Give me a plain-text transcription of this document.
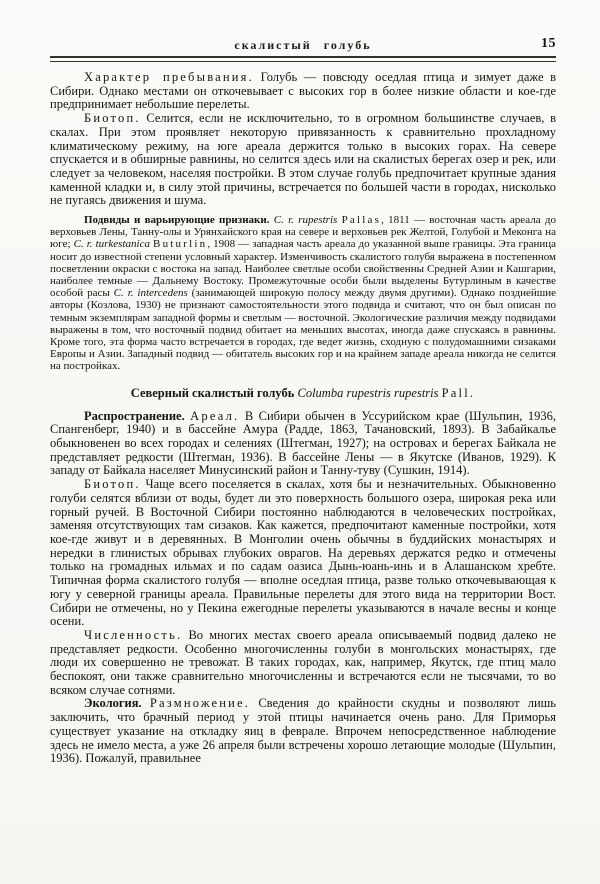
скалистый голубь	15

Характер пребывания. Голубь — повсюду оседлая птица и зимует даже в Сибири. Однако местами он откочевывает с высоких гор в более низкие области и кое-где предпринимает небольшие перелеты.

Биотоп. Селится, если не исключительно, то в огромном большинстве случаев, в скалах. При этом проявляет некоторую привязанность к сравнительно прохладному климатическому режиму, на юге ареала держится только в высоких горах. На севере спускается и в обширные равнины, но селится здесь или на скалистых берегах озер и рек, или следует за человеком, населяя постройки. В этом случае голубь предпочитает крупные здания каменной кладки и, в силу этой причины, встречается по большей части в городах, нисколько не пугаясь движения и шума.

Подвиды и варьирующие признаки. C. r. rupestris Pallas, 1811 — восточная часть ареала до верховьев Лены, Танну-олы и Урянхайского края на севере и верховьев рек Желтой, Голубой и Меконга на юге; C. r. turkestanica Buturlin, 1908 — западная часть ареала до указанной выше границы. Эта граница носит до известной степени условный характер. Изменчивость скалистого голубя выражена в постепенном посветлении окраски с востока на запад. Наиболее светлые особи свойственны Средней Азии и Кашгарии, наиболее темные — Дальнему Востоку. Промежуточные особи были выделены Бутурлиным в качестве особой расы C. r. intercedens (занимающей широкую полосу между двумя другими). Однако позднейшие авторы (Козлова, 1930) не признают самостоятельности этого подвида и считают, что он был описан по темным экземплярам западной формы и светлым — восточной. Экологические различия между подвидами выражены в том, что восточный подвид обитает на меньших высотах, иногда даже спускаясь в равнины. Кроме того, эта форма часто встречается в городах, где ведет жизнь, сходную с полудомашними сизаками Европы и Азии. Западный подвид — обитатель высоких гор и на крайнем западе ареала никогда не селится на постройках.

Северный скалистый голубь Columba rupestris rupestris Pall.

Распространение. Ареал. В Сибири обычен в Уссурийском крае (Шульпин, 1936, Спангенберг, 1940) и в бассейне Амура (Радде, 1863, Тачановский, 1893). В Забайкалье обыкновенен во всех городах и селениях (Штегман, 1927); на островах и берегах Байкала не представляет редкости (Штегман, 1936). В бассейне Лены — в Якутске (Иванов, 1929). К западу от Байкала населяет Минусинский район и Танну-туву (Сушкин, 1914).

Биотоп. Чаще всего поселяется в скалах, хотя бы и незначительных. Обыкновенно голуби селятся вблизи от воды, будет ли это поверхность большого озера, широкая река или горный ручей. В Восточной Сибири постоянно наблюдаются в человеческих постройках, заменяя отсутствующих там сизаков. Как кажется, предпочитают каменные постройки, хотя кое-где живут и в деревянных. В Монголии очень обычны в буддийских монастырях и нередки в глинистых обрывах глубоких оврагов. На деревьях держатся редко и отмечены только на громадных ильмах и по садам оазиса Дынь-юань-инь и в Алашанском хребте. Типичная форма скалистого голубя — вполне оседлая птица, разве только откочевывающая к югу у северной границы ареала. Правильные перелеты для этого вида на территории Вост. Сибири не отмечены, но у Пекина ежегодные перелеты указываются в начале весны и конце осени.

Численность. Во многих местах своего ареала описываемый подвид далеко не представляет редкости. Особенно многочисленны голуби в монгольских монастырях, где люди их совершенно не тревожат. В таких городах, как, например, Якутск, где птиц мало беспокоят, они также сравнительно многочисленны и встречаются если не тысячами, то во всяком случае сотнями.

Экология. Размножение. Сведения до крайности скудны и позволяют лишь заключить, что брачный период у этой птицы начинается очень рано. Для Приморья существует указание на откладку яиц в феврале. Впрочем непосредственное наблюдение здесь не имело места, а уже 26 апреля были встречены хорошо летающие молодые (Шульпин, 1936). Пожалуй, правильнее
